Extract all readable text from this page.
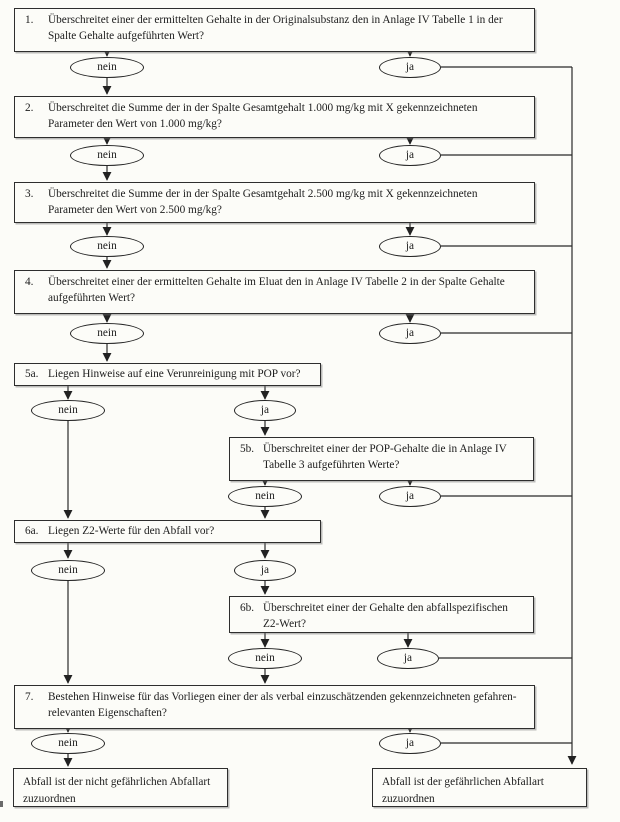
1.	Überschreitet einer der ermittelten Gehalte in der Originalsubstanz den in Anlage IV Tabelle 1 in der Spalte Gehalte aufgeführten Wert?
2.	Überschreitet die Summe der in der Spalte Gesamtgehalt 1.000 mg/kg mit X gekennzeichneten Parameter den Wert von 1.000 mg/kg?
3.	Überschreitet die Summe der in der Spalte Gesamtgehalt 2.500 mg/kg mit X gekennzeichneten Parameter den Wert von 2.500 mg/kg?
4.	Überschreitet einer der ermittelten Gehalte im Eluat den in Anlage IV Tabelle 2 in der Spalte Gehalte aufgeführten Wert?
5a. Liegen Hinweise auf eine Verunreinigung mit POP vor?
5b. Überschreitet einer der POP-Gehalte die in Anlage IV Tabelle 3 aufgeführten Werte?
6a. Liegen Z2-Werte für den Abfall vor?
6b. Überschreitet einer der Gehalte den abfallspezifischen Z2-Wert?
7.	Bestehen Hinweise für das Vorliegen einer der als verbal einzuschätzenden gekennzeichneten gefahren-relevanten Eigenschaften?
nein	ja
nein	ja
nein	ja
nein	ja
nein	ja
nein	ja
nein	ja
nein	ja
nein	ja
Abfall ist der nicht gefährlichen Abfallart zuzuordnen
Abfall ist der gefährlichen Abfallart zuzuordnen
